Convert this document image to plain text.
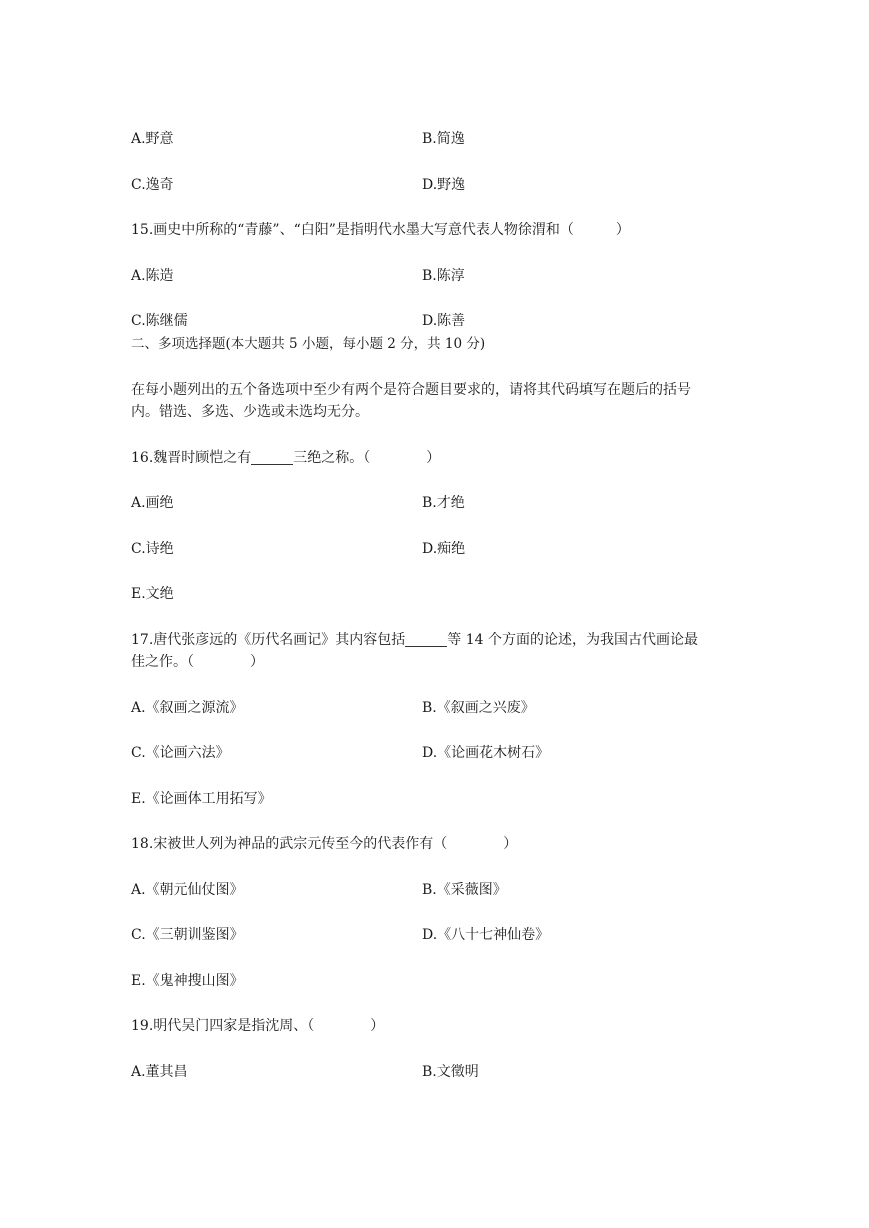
A.野意	B.简逸
C.逸奇	D.野逸
15.画史中所称的“青藤”、“白阳”是指明代水墨大写意代表人物徐渭和（　　　）
A.陈造	B.陈淳
C.陈继儒	D.陈善
二、多项选择题(本大题共 5 小题，每小题 2 分，共 10 分)
在每小题列出的五个备选项中至少有两个是符合题目要求的，请将其代码填写在题后的括号
内。错选、多选、少选或未选均无分。
16.魏晋时顾恺之有	三绝之称。（　　　　）
A.画绝	B.才绝
C.诗绝	D.痴绝
E.文绝
17.唐代张彦远的《历代名画记》其内容包括	等 14 个方面的论述，为我国古代画论最
佳之作。（　　　　）
A.《叙画之源流》	B.《叙画之兴废》
C.《论画六法》	D.《论画花木树石》
E.《论画体工用拓写》
18.宋被世人列为神品的武宗元传至今的代表作有（　　　　）
A.《朝元仙仗图》	B.《采薇图》
C.《三朝训鉴图》	D.《八十七神仙卷》
E.《鬼神搜山图》
19.明代吴门四家是指沈周、（　　　　）
A.董其昌	B.文徵明
